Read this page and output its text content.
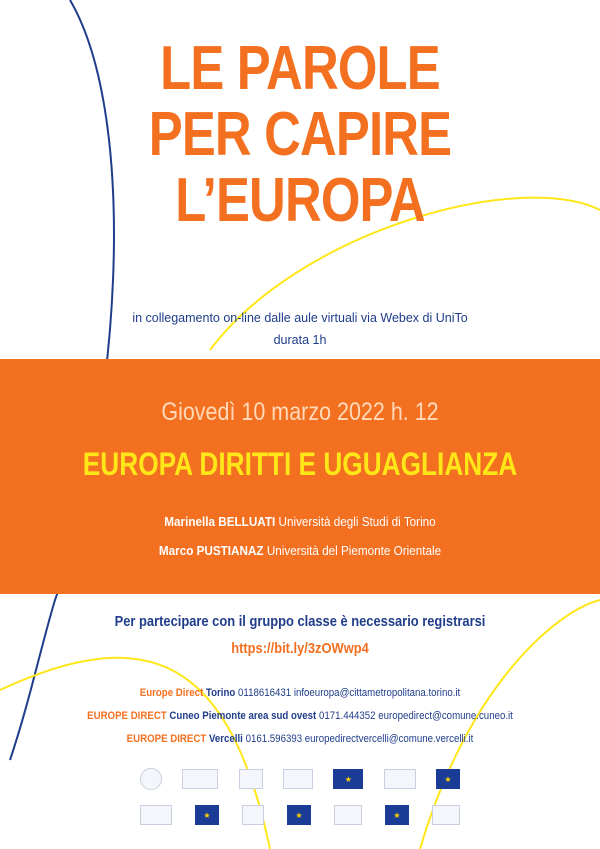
LE PAROLE
PER CAPIRE
L’EUROPA
in collegamento on-line dalle aule virtuali via Webex di UniTo
durata 1h
Giovedì 10 marzo 2022 h. 12
EUROPA DIRITTI E UGUAGLIANZA
Marinella BELLUATI Università degli Studi di Torino
Marco PUSTIANAZ Università del Piemonte Orientale
Per partecipare con il gruppo classe è necessario registrarsi
https://bit.ly/3zOWwp4
Europe Direct Torino 0118616431 infoeuropa@cittametropolitana.torino.it
EUROPE DIRECT Cuneo Piemonte area sud ovest 0171.444352 europedirect@comune.cuneo.it
EUROPE DIRECT Vercelli 0161.596393 europedirectvercelli@comune.vercelli.it
★
★
★
★
★
